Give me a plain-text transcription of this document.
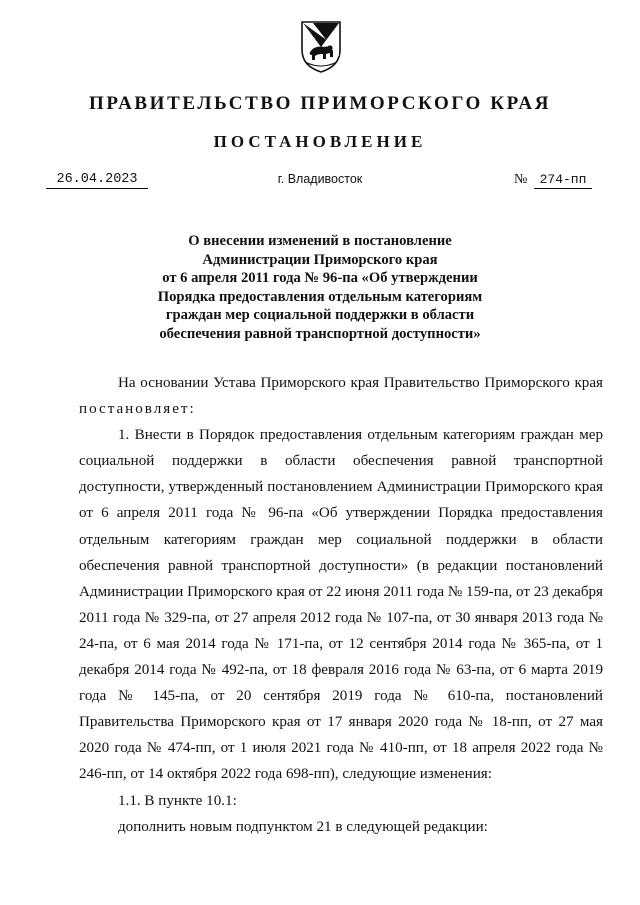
ПРАВИТЕЛЬСТВО ПРИМОРСКОГО КРАЯ
ПОСТАНОВЛЕНИЕ
26.04.2023	г. Владивосток	№ 274-пп
О внесении изменений в постановление
Администрации Приморского края
от 6 апреля 2011 года № 96-па «Об утверждении
Порядка предоставления отдельным категориям
граждан мер социальной поддержки в области
обеспечения равной транспортной доступности»

На основании Устава Приморского края Правительство Приморского края постановляет:

1. Внести в Порядок предоставления отдельным категориям граждан мер социальной поддержки в области обеспечения равной транспортной доступности, утвержденный постановлением Администрации Приморского края от 6 апреля 2011 года № 96-па «Об утверждении Порядка предоставления отдельным категориям граждан мер социальной поддержки в области обеспечения равной транспортной доступности» (в редакции постановлений Администрации Приморского края от 22 июня 2011 года № 159-па, от 23 декабря 2011 года № 329-па, от 27 апреля 2012 года № 107-па, от 30 января 2013 года № 24-па, от 6 мая 2014 года № 171-па, от 12 сентября 2014 года № 365-па, от 1 декабря 2014 года № 492-па, от 18 февраля 2016 года № 63-па, от 6 марта 2019 года № 145-па, от 20 сентября 2019 года № 610-па, постановлений Правительства Приморского края от 17 января 2020 года № 18-пп, от 27 мая 2020 года № 474-пп, от 1 июля 2021 года № 410-пп, от 18 апреля 2022 года № 246-пп, от 14 октября 2022 года 698-пп), следующие изменения:

1.1. В пункте 10.1:

дополнить новым подпунктом 21 в следующей редакции:
